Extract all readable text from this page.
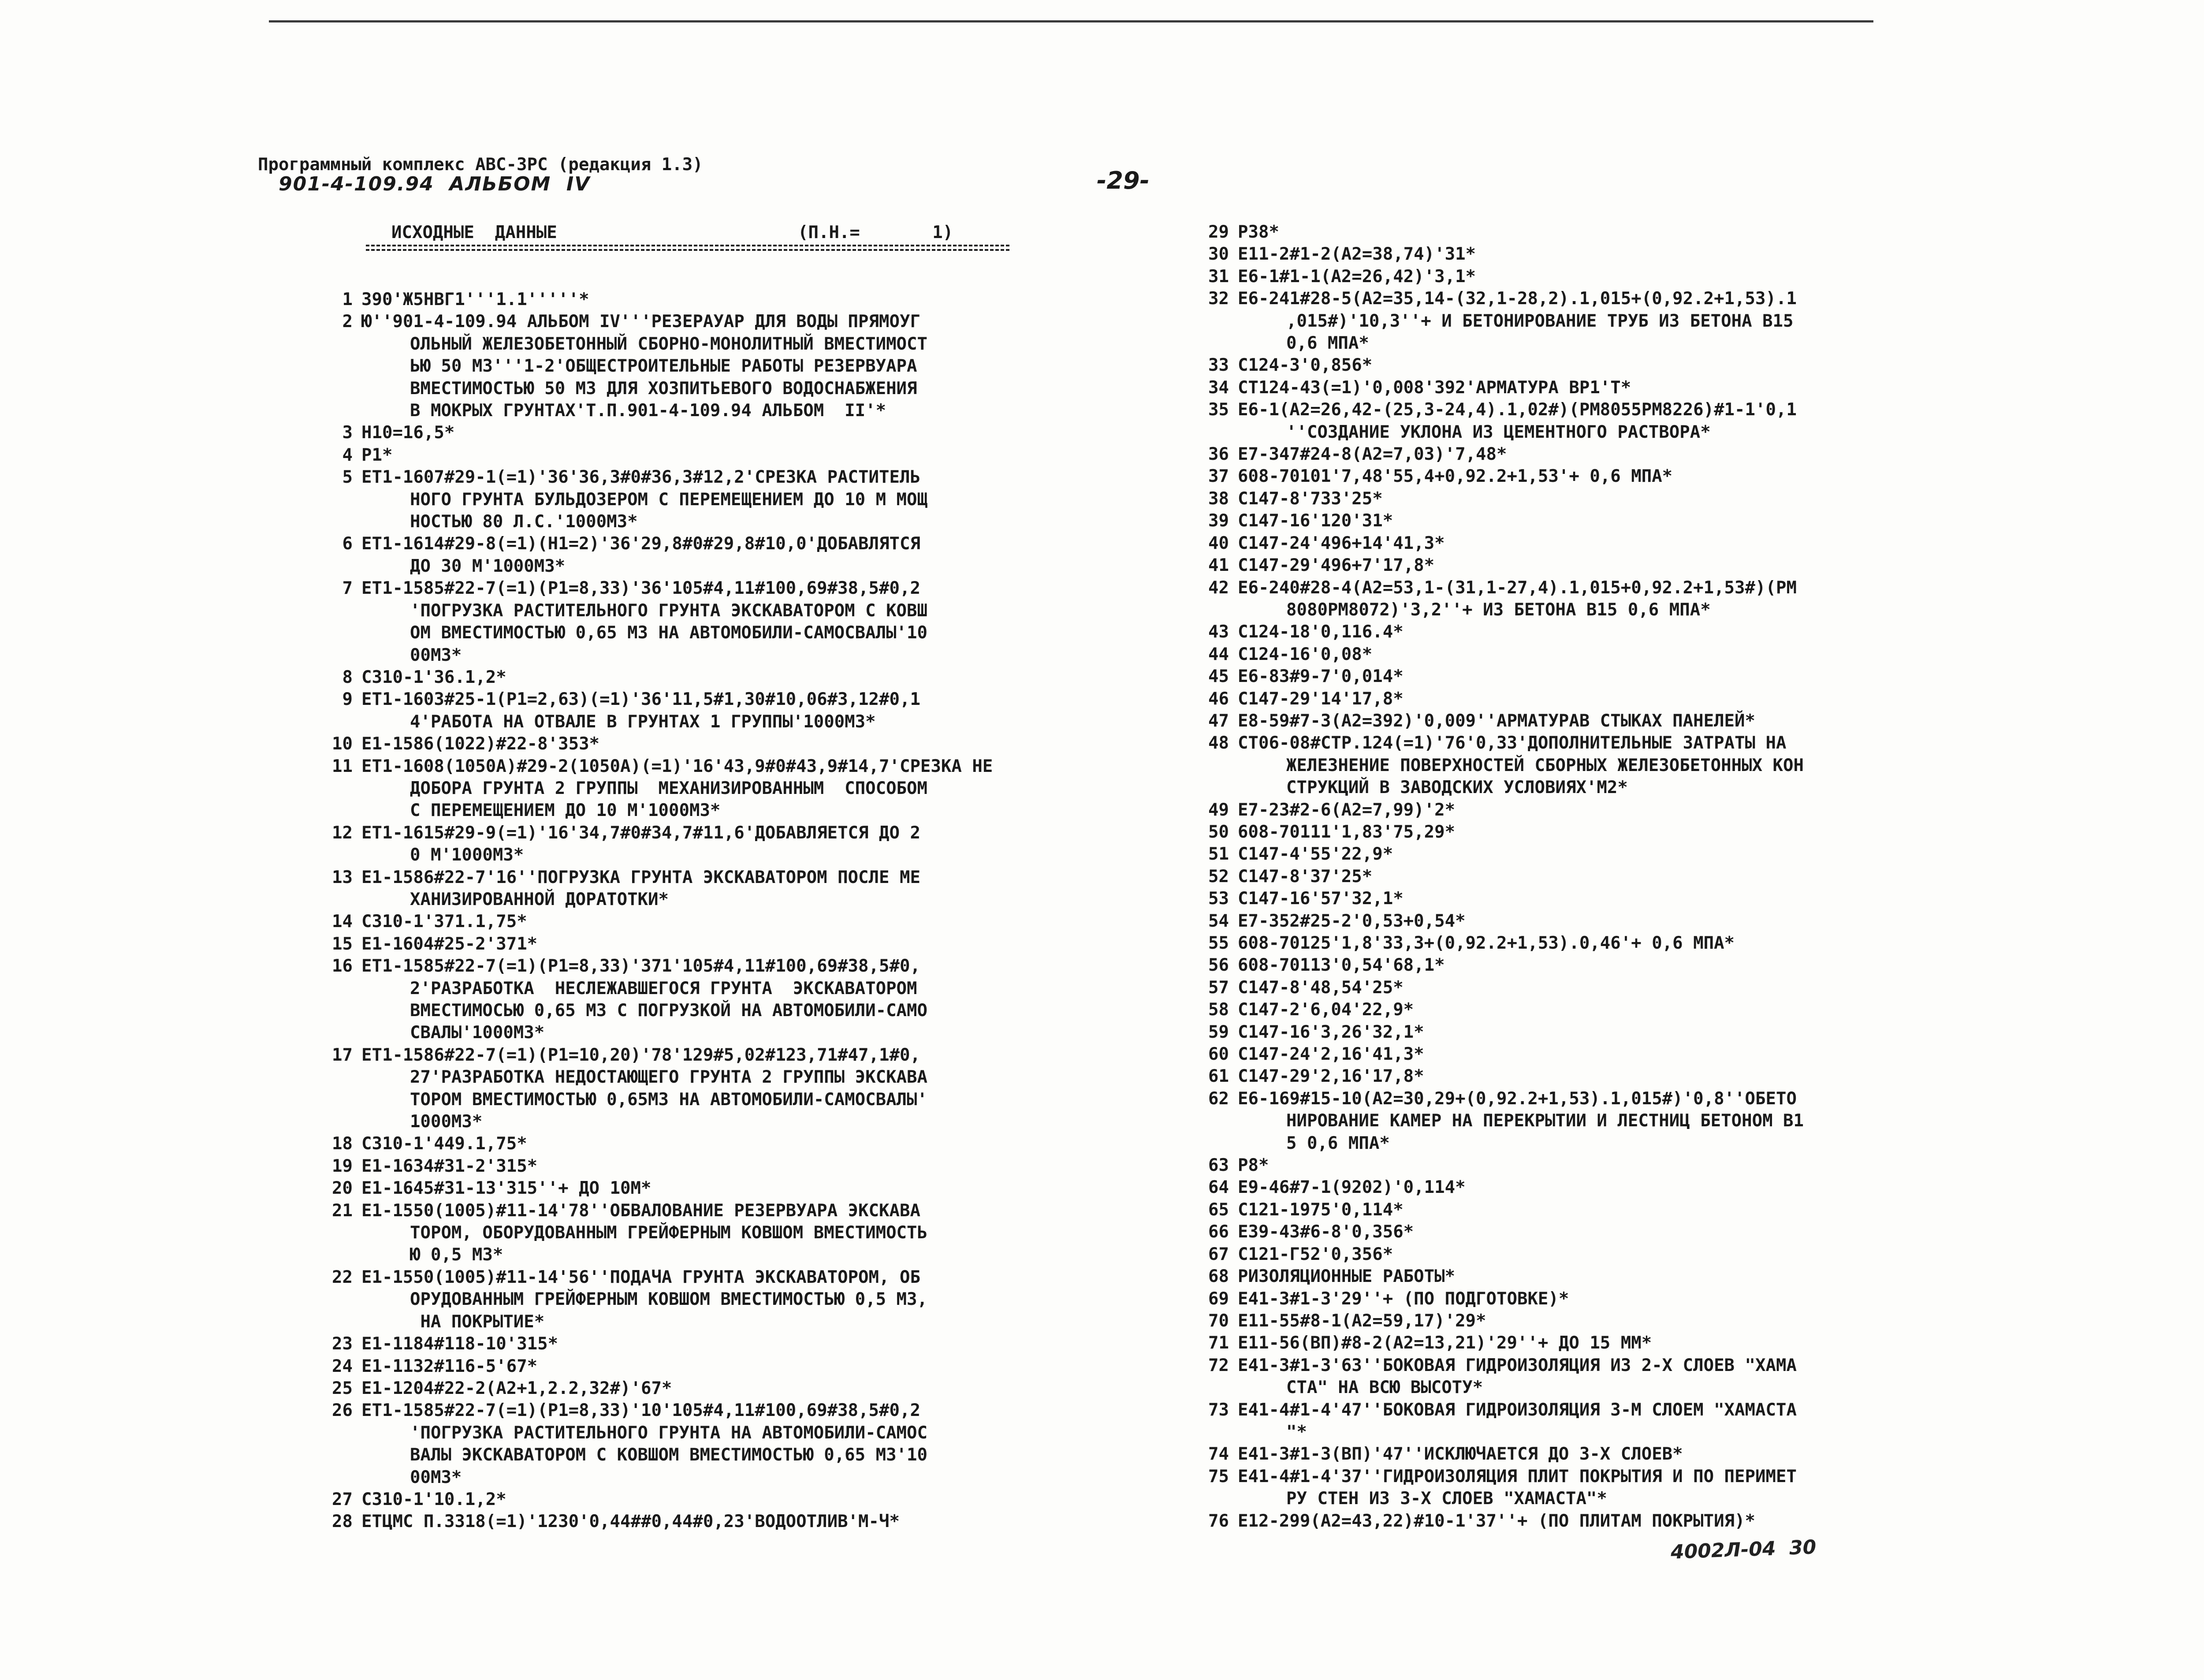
Программный комплекс АВС-3РС (редакция 1.3)
901-4-109.94  АЛЬБОМ  IV	-29-
ИСХОДНЫЕ  ДАННЫЕ	(П.Н.=       1)
1 390'Ж5НВГ1'''1.1'''''*
2 Ю''901-4-109.94 АЛЬБОМ IV'''РЕЗЕРАУАР ДЛЯ ВОДЫ ПРЯМОУГ
ОЛЬНЫЙ ЖЕЛЕЗОБЕТОННЫЙ СБОРНО-МОНОЛИТНЫЙ ВМЕСТИМОСТ
ЬЮ 50 М3'''1-2'ОБЩЕСТРОИТЕЛЬНЫЕ РАБОТЫ РЕЗЕРВУАРА
ВМЕСТИМОСТЬЮ 50 М3 ДЛЯ ХОЗПИТЬЕВОГО ВОДОСНАБЖЕНИЯ
В МОКРЫХ ГРУНТАХ'Т.П.901-4-109.94 АЛЬБОМ  II'*
3 Н10=16,5*
4 Р1*
5 ЕТ1-1607#29-1(=1)'36'36,3#0#36,3#12,2'СРЕЗКА РАСТИТЕЛЬ
НОГО ГРУНТА БУЛЬДОЗЕРОМ С ПЕРЕМЕЩЕНИЕМ ДО 10 М МОЩ
НОСТЬЮ 80 Л.С.'1000М3*
6 ЕТ1-1614#29-8(=1)(Н1=2)'36'29,8#0#29,8#10,0'ДОБАВЛЯТСЯ
ДО 30 М'1000М3*
7 ЕТ1-1585#22-7(=1)(Р1=8,33)'36'105#4,11#100,69#38,5#0,2
'ПОГРУЗКА РАСТИТЕЛЬНОГО ГРУНТА ЭКСКАВАТОРОМ С КОВШ
ОМ ВМЕСТИМОСТЬЮ 0,65 М3 НА АВТОМОБИЛИ-САМОСВАЛЫ'10
00М3*
8 С310-1'36.1,2*
9 ЕТ1-1603#25-1(Р1=2,63)(=1)'36'11,5#1,30#10,06#3,12#0,1
4'РАБОТА НА ОТВАЛЕ В ГРУНТАХ 1 ГРУППЫ'1000М3*
10 Е1-1586(1022)#22-8'353*
11 ЕТ1-1608(1050А)#29-2(1050А)(=1)'16'43,9#0#43,9#14,7'СРЕЗКА НЕ
ДОБОРА ГРУНТА 2 ГРУППЫ  МЕХАНИЗИРОВАННЫМ  СПОСОБОМ
С ПЕРЕМЕЩЕНИЕМ ДО 10 М'1000М3*
12 ЕТ1-1615#29-9(=1)'16'34,7#0#34,7#11,6'ДОБАВЛЯЕТСЯ ДО 2
0 М'1000М3*
13 Е1-1586#22-7'16''ПОГРУЗКА ГРУНТА ЭКСКАВАТОРОМ ПОСЛЕ МЕ
ХАНИЗИРОВАННОЙ ДОРАТОТКИ*
14 С310-1'371.1,75*
15 Е1-1604#25-2'371*
16 ЕТ1-1585#22-7(=1)(Р1=8,33)'371'105#4,11#100,69#38,5#0,
2'РАЗРАБОТКА  НЕСЛЕЖАВШЕГОСЯ ГРУНТА  ЭКСКАВАТОРОМ
ВМЕСТИМОСЬЮ 0,65 М3 С ПОГРУЗКОЙ НА АВТОМОБИЛИ-САМО
СВАЛЫ'1000М3*
17 ЕТ1-1586#22-7(=1)(Р1=10,20)'78'129#5,02#123,71#47,1#0,
27'РАЗРАБОТКА НЕДОСТАЮЩЕГО ГРУНТА 2 ГРУППЫ ЭКСКАВА
ТОРОМ ВМЕСТИМОСТЬЮ 0,65М3 НА АВТОМОБИЛИ-САМОСВАЛЫ'
1000М3*
18 С310-1'449.1,75*
19 Е1-1634#31-2'315*
20 Е1-1645#31-13'315''+ ДО 10М*
21 Е1-1550(1005)#11-14'78''ОБВАЛОВАНИЕ РЕЗЕРВУАРА ЭКСКАВА
ТОРОМ, ОБОРУДОВАННЫМ ГРЕЙФЕРНЫМ КОВШОМ ВМЕСТИМОСТЬ
Ю 0,5 М3*
22 Е1-1550(1005)#11-14'56''ПОДАЧА ГРУНТА ЭКСКАВАТОРОМ, ОБ
ОРУДОВАННЫМ ГРЕЙФЕРНЫМ КОВШОМ ВМЕСТИМОСТЬЮ 0,5 М3,
НА ПОКРЫТИЕ*
23 Е1-1184#118-10'315*
24 Е1-1132#116-5'67*
25 Е1-1204#22-2(А2+1,2.2,32#)'67*
26 ЕТ1-1585#22-7(=1)(Р1=8,33)'10'105#4,11#100,69#38,5#0,2
'ПОГРУЗКА РАСТИТЕЛЬНОГО ГРУНТА НА АВТОМОБИЛИ-САМОС
ВАЛЫ ЭКСКАВАТОРОМ С КОВШОМ ВМЕСТИМОСТЬЮ 0,65 М3'10
00М3*
27 С310-1'10.1,2*
28 ЕТЦМС П.3318(=1)'1230'0,44##0,44#0,23'ВОДООТЛИВ'М-Ч*
29 Р38*
30 Е11-2#1-2(А2=38,74)'31*
31 Е6-1#1-1(А2=26,42)'3,1*
32 Е6-241#28-5(А2=35,14-(32,1-28,2).1,015+(0,92.2+1,53).1
,015#)'10,3''+ И БЕТОНИРОВАНИЕ ТРУБ ИЗ БЕТОНА В15
0,6 МПА*
33 С124-3'0,856*
34 СТ124-43(=1)'0,008'392'АРМАТУРА ВР1'Т*
35 Е6-1(А2=26,42-(25,3-24,4).1,02#)(РМ8055РМ8226)#1-1'0,1
''СОЗДАНИЕ УКЛОНА ИЗ ЦЕМЕНТНОГО РАСТВОРА*
36 Е7-347#24-8(А2=7,03)'7,48*
37 608-70101'7,48'55,4+0,92.2+1,53'+ 0,6 МПА*
38 С147-8'733'25*
39 С147-16'120'31*
40 С147-24'496+14'41,3*
41 С147-29'496+7'17,8*
42 Е6-240#28-4(А2=53,1-(31,1-27,4).1,015+0,92.2+1,53#)(РМ
8080РМ8072)'3,2''+ ИЗ БЕТОНА В15 0,6 МПА*
43 С124-18'0,116.4*
44 С124-16'0,08*
45 Е6-83#9-7'0,014*
46 С147-29'14'17,8*
47 Е8-59#7-3(А2=392)'0,009''АРМАТУРАВ СТЫКАХ ПАНЕЛЕЙ*
48 СТ06-08#СТР.124(=1)'76'0,33'ДОПОЛНИТЕЛЬНЫЕ ЗАТРАТЫ НА
ЖЕЛЕЗНЕНИЕ ПОВЕРХНОСТЕЙ СБОРНЫХ ЖЕЛЕЗОБЕТОННЫХ КОН
СТРУКЦИЙ В ЗАВОДСКИХ УСЛОВИЯХ'М2*
49 Е7-23#2-6(А2=7,99)'2*
50 608-70111'1,83'75,29*
51 С147-4'55'22,9*
52 С147-8'37'25*
53 С147-16'57'32,1*
54 Е7-352#25-2'0,53+0,54*
55 608-70125'1,8'33,3+(0,92.2+1,53).0,46'+ 0,6 МПА*
56 608-70113'0,54'68,1*
57 С147-8'48,54'25*
58 С147-2'6,04'22,9*
59 С147-16'3,26'32,1*
60 С147-24'2,16'41,3*
61 С147-29'2,16'17,8*
62 Е6-169#15-10(А2=30,29+(0,92.2+1,53).1,015#)'0,8''ОБЕТО
НИРОВАНИЕ КАМЕР НА ПЕРЕКРЫТИИ И ЛЕСТНИЦ БЕТОНОМ В1
5 0,6 МПА*
63 Р8*
64 Е9-46#7-1(9202)'0,114*
65 С121-1975'0,114*
66 Е39-43#6-8'0,356*
67 С121-Г52'0,356*
68 РИЗОЛЯЦИОННЫЕ РАБОТЫ*
69 Е41-3#1-3'29''+ (ПО ПОДГОТОВКЕ)*
70 Е11-55#8-1(А2=59,17)'29*
71 Е11-56(ВП)#8-2(А2=13,21)'29''+ ДО 15 ММ*
72 Е41-3#1-3'63''БОКОВАЯ ГИДРОИЗОЛЯЦИЯ ИЗ 2-Х СЛОЕВ "ХАМА
СТА" НА ВСЮ ВЫСОТУ*
73 Е41-4#1-4'47''БОКОВАЯ ГИДРОИЗОЛЯЦИЯ 3-М СЛОЕМ "ХАМАСТА
"*
74 Е41-3#1-3(ВП)'47''ИСКЛЮЧАЕТСЯ ДО 3-Х СЛОЕВ*
75 Е41-4#1-4'37''ГИДРОИЗОЛЯЦИЯ ПЛИТ ПОКРЫТИЯ И ПО ПЕРИМЕТ
РУ СТЕН ИЗ 3-Х СЛОЕВ "ХАМАСТА"*
76 Е12-299(А2=43,22)#10-1'37''+ (ПО ПЛИТАМ ПОКРЫТИЯ)*
4002Л-04  30
